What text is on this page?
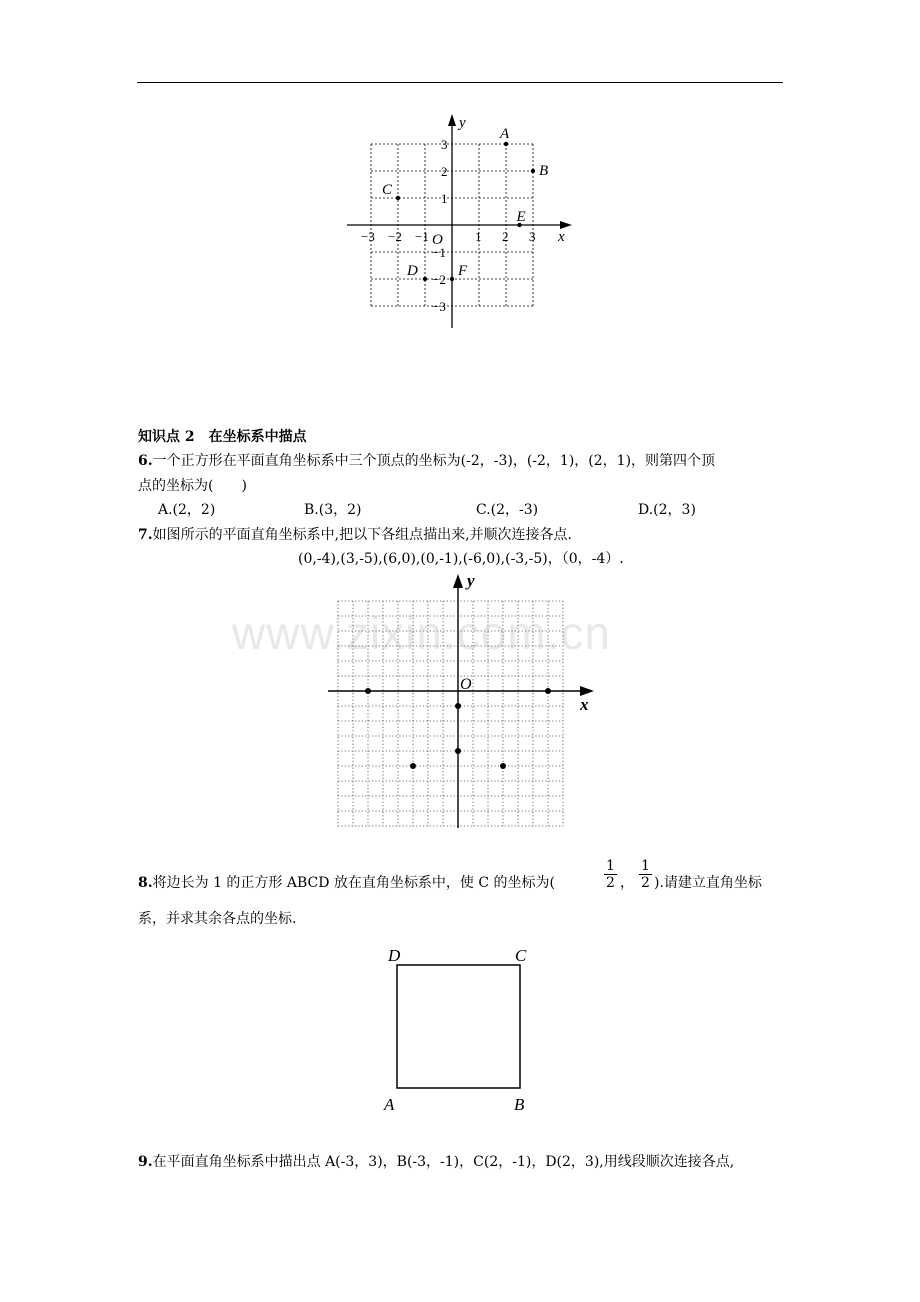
x
y
O
−3 −2 −1	1 2 3
3
2
1
−1
−2
−3
A
B
C
D
E
F
知识点 2　在坐标系中描点
6.一个正方形在平面直角坐标系中三个顶点的坐标为(-2，-3)，(-2，1)，(2，1)，则第四个顶
点的坐标为(　　)
A.(2，2)	B.(3，2)	C.(2，-3)	D.(2，3)
7.如图所示的平面直角坐标系中,把以下各组点描出来,并顺次连接各点.
(0,-4),(3,-5),(6,0),(0,-1),(-6,0),(-3,-5)，（0，-4）.
x
y
O
www.zixin.com.cn
8.将边长为 1 的正方形 ABCD 放在直角坐标系中，使 C 的坐标为(	$\frac{1}{2}$ ， $\frac{1}{2}$ ).请建立直角坐标
系，并求其余各点的坐标.
D	C
A	B
9.在平面直角坐标系中描出点 A(-3，3)，B(-3，-1)，C(2，-1)，D(2，3),用线段顺次连接各点,
